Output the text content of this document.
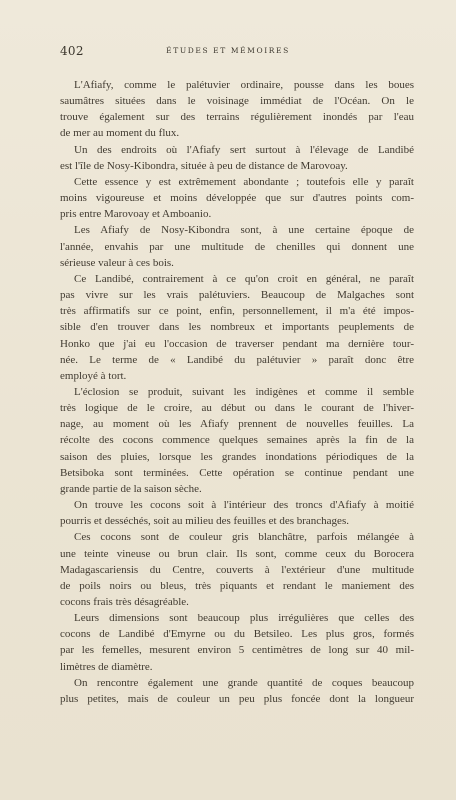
402	ÉTUDES ET MÉMOIRES
L'Afiafy, comme le palétuvier ordinaire, pousse dans les boues
saumâtres situées dans le voisinage immédiat de l'Océan. On le
trouve également sur des terrains régulièrement inondés par l'eau
de mer au moment du flux.
Un des endroits où l'Afiafy sert surtout à l'élevage de Landibé
est l'île de Nosy-Kibondra, située à peu de distance de Marovoay.
Cette essence y est extrêmement abondante ; toutefois elle y paraît
moins vigoureuse et moins développée que sur d'autres points com-
pris entre Marovoay et Amboanio.
Les Afiafy de Nosy-Kibondra sont, à une certaine époque de
l'année, envahis par une multitude de chenilles qui donnent une
sérieuse valeur à ces bois.
Ce Landibé, contrairement à ce qu'on croit en général, ne paraît
pas vivre sur les vrais palétuviers. Beaucoup de Malgaches sont
très affirmatifs sur ce point, enfin, personnellement, il m'a été impos-
sible d'en trouver dans les nombreux et importants peuplements de
Honko que j'ai eu l'occasion de traverser pendant ma dernière tour-
née. Le terme de « Landibé du palétuvier » paraît donc être
employé à tort.
L'éclosion se produit, suivant les indigènes et comme il semble
très logique de le croire, au début ou dans le courant de l'hiver-
nage, au moment où les Afiafy prennent de nouvelles feuilles. La
récolte des cocons commence quelques semaines après la fin de la
saison des pluies, lorsque les grandes inondations périodiques de la
Betsiboka sont terminées. Cette opération se continue pendant une
grande partie de la saison sèche.
On trouve les cocons soit à l'intérieur des troncs d'Afiafy à moitié
pourris et desséchés, soit au milieu des feuilles et des branchages.
Ces cocons sont de couleur gris blanchâtre, parfois mélangée à
une teinte vineuse ou brun clair. Ils sont, comme ceux du Borocera
Madagascariensis du Centre, couverts à l'extérieur d'une multitude
de poils noirs ou bleus, très piquants et rendant le maniement des
cocons frais très désagréable.
Leurs dimensions sont beaucoup plus irrégulières que celles des
cocons de Landibé d'Emyrne ou du Betsileo. Les plus gros, formés
par les femelles, mesurent environ 5 centimètres de long sur 40 mil-
limètres de diamètre.
On rencontre également une grande quantité de coques beaucoup
plus petites, mais de couleur un peu plus foncée dont la longueur
